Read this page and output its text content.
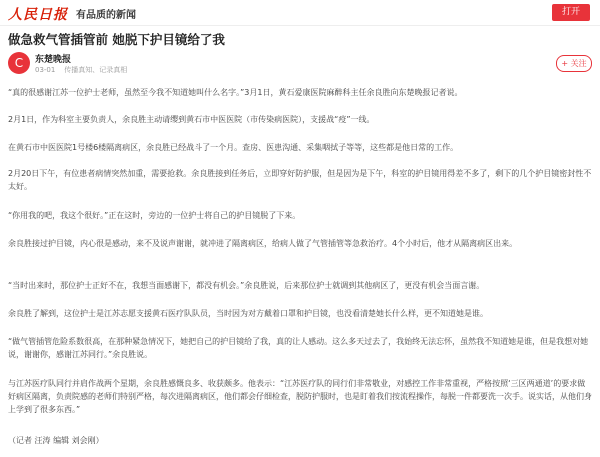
人民日报 有品质的新闻	打开
做急救气管插管前 她脱下护目镜给了我
C	东楚晚报
03-01 传播真知、记录真相
+ 关注
“真的很感谢江苏一位护士老师，虽然至今我不知道她叫什么名字。”3月1日，黄石爱康医院麻醉科主任余良胜向东楚晚报记者说。
2月1日，作为科室主要负责人，余良胜主动请缨到黄石市中医医院（市传染病医院），支援战“疫”一线。
在黄石市中医医院1号楼6楼隔离病区，余良胜已经战斗了一个月。查房、医患沟通、采集咽拭子等等，这些都是他日常的工作。
2月20日下午，有位患者病情突然加重，需要抢救。余良胜接到任务后，立即穿好防护服，但是因为是下午，科室的护目镜用得差不多了，剩下的几个护目镜密封性不太好。
“你用我的吧，我这个很好。”正在这时，旁边的一位护士将自己的护目镜脱了下来。
余良胜接过护目镜，内心很是感动，来不及说声谢谢，就冲进了隔离病区，给病人做了气管插管等急救治疗。4个小时后，他才从隔离病区出来。
“当时出来时，那位护士正好不在，我想当面感谢下，都没有机会。”余良胜说，后来那位护士就调到其他病区了，更没有机会当面言谢。
余良胜了解到，这位护士是江苏志愿支援黄石医疗队队员，当时因为对方戴着口罩和护目镜，也没看清楚她长什么样，更不知道她是谁。
“做气管插管危险系数很高，在那种紧急情况下，她把自己的护目镜给了我，真的让人感动。这么多天过去了，我始终无法忘怀，虽然我不知道她是谁，但是我想对她说，谢谢你，感谢江苏同行。”余良胜说。
与江苏医疗队同行并肩作战两个星期，余良胜感慨良多、收获颇多。他表示：“江苏医疗队的同行们非常敬业，对感控工作非常重视，严格按照‘三区两通道’的要求做好病区隔离，负责院感的老师们特别严格，每次进隔离病区，他们都会仔细检查，脱防护服时，也是盯着我们按流程操作，每脱一件都要洗一次手。说实话，从他们身上学到了很多东西。”
（记者 汪涛 编辑 刘会刚）
